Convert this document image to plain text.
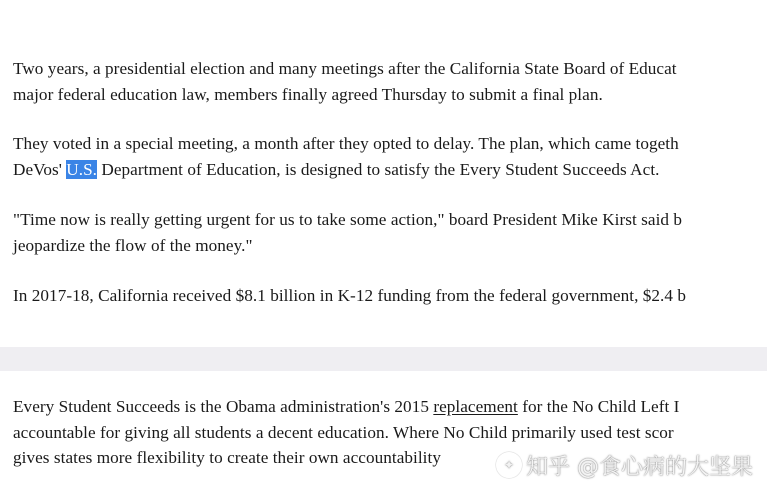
Two years, a presidential election and many meetings after the California State Board of Educat
major federal education law, members finally agreed Thursday to submit a final plan.

They voted in a special meeting, a month after they opted to delay. The plan, which came togeth
DeVos' U.S. Department of Education, is designed to satisfy the Every Student Succeeds Act.

"Time now is really getting urgent for us to take some action," board President Mike Kirst said b
jeopardize the flow of the money."

In 2017-18, California received $8.1 billion in K-12 funding from the federal government, $2.4 b

Every Student Succeeds is the Obama administration's 2015 replacement for the No Child Left I
accountable for giving all students a decent education. Where No Child primarily used test scor
gives states more flexibility to create their own accountability	✦ 知乎 @食心病的大坚果
